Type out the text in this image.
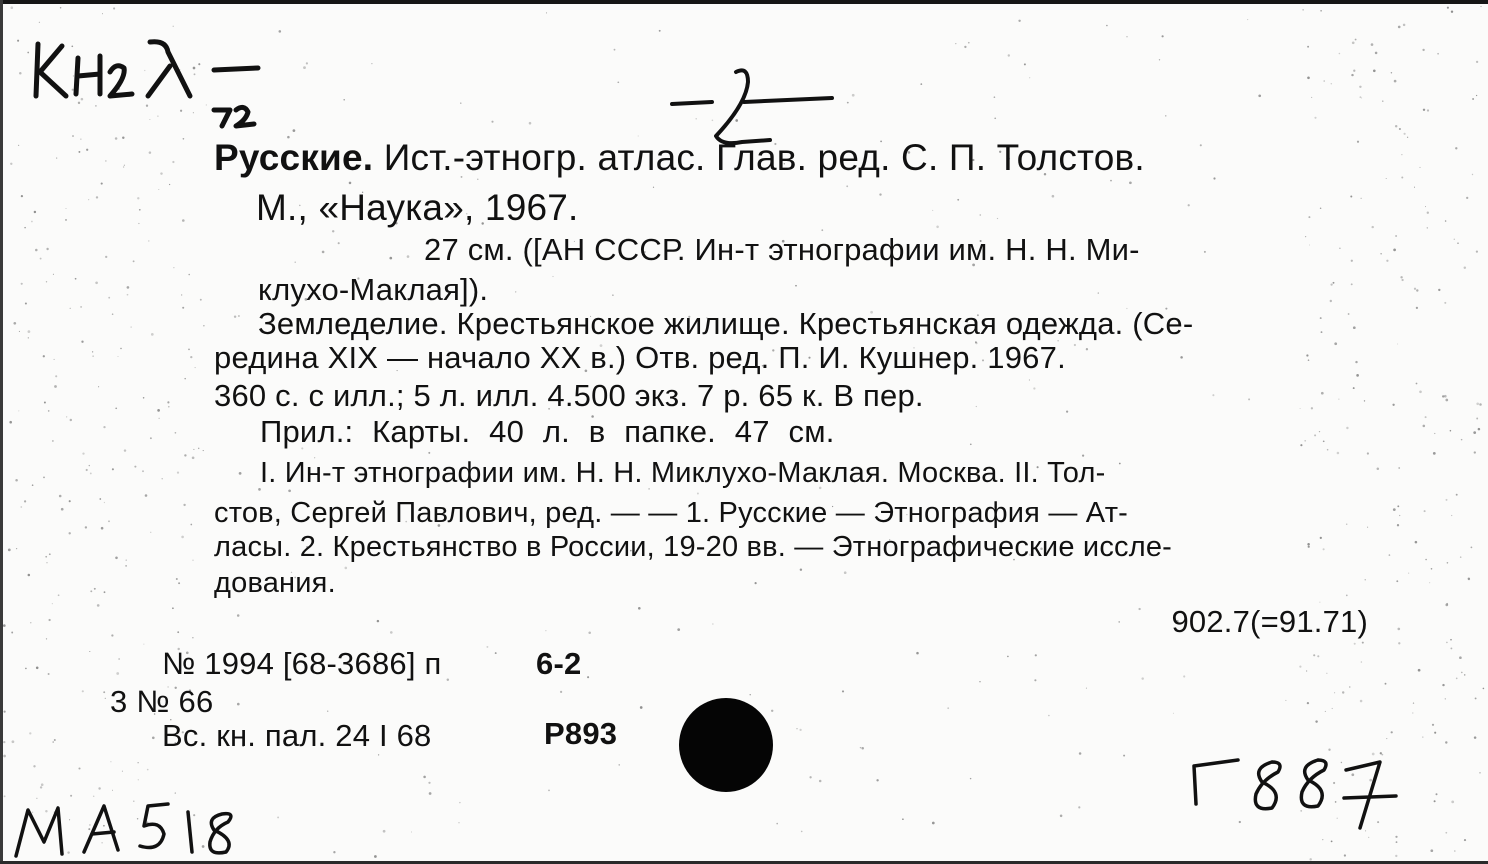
Русские. Ист.-этногр. атлас. Глав. ред. С. П. Толстов.
М., «Наука», 1967.
27 см. ([АН СССР. Ин-т этнографии им. Н. Н. Ми-
клухо-Маклая]).
Земледелие. Крестьянское жилище. Крестьянская одежда. (Се-
редина XIX — начало XX в.) Отв. ред. П. И. Кушнер. 1967.
360 с. с илл.; 5 л. илл. 4.500 экз. 7 р. 65 к. В пер.
Прил.: Карты. 40 л. в папке. 47 см.
I. Ин-т этнографии им. Н. Н. Миклухо-Маклая. Москва. II. Тол-
стов, Сергей Павлович, ред. — — 1. Русские — Этнография — Ат-
ласы. 2. Крестьянство в России, 19-20 вв. — Этнографические иссле-
дования.
902.7(=91.71)
№ 1994 [68-3686] п	6-2
3 № 66
Вс. кн. пал. 24 I 68	Р893
